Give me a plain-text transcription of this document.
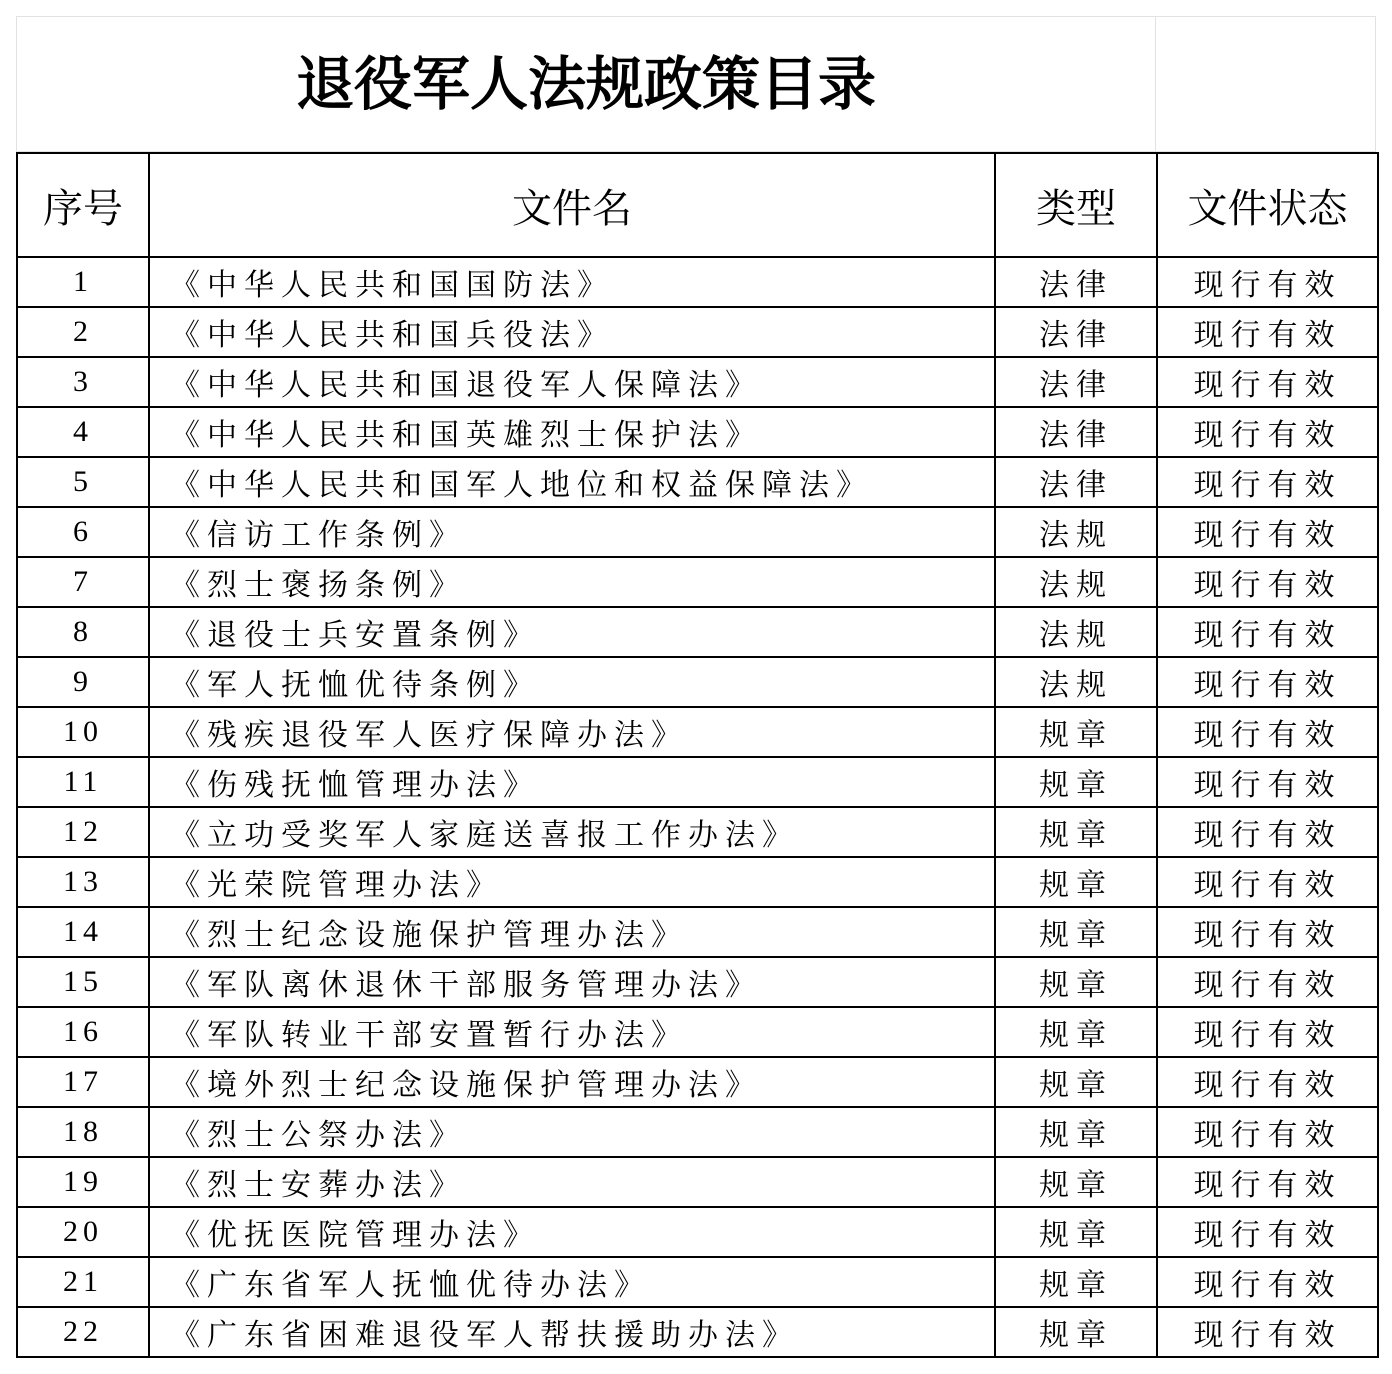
退役军人法规政策目录
序号	文件名	类型	文件状态
1	《中华人民共和国国防法》	法律	现行有效
2	《中华人民共和国兵役法》	法律	现行有效
3	《中华人民共和国退役军人保障法》	法律	现行有效
4	《中华人民共和国英雄烈士保护法》	法律	现行有效
5	《中华人民共和国军人地位和权益保障法》	法律	现行有效
6	《信访工作条例》	法规	现行有效
7	《烈士褒扬条例》	法规	现行有效
8	《退役士兵安置条例》	法规	现行有效
9	《军人抚恤优待条例》	法规	现行有效
10	《残疾退役军人医疗保障办法》	规章	现行有效
11	《伤残抚恤管理办法》	规章	现行有效
12	《立功受奖军人家庭送喜报工作办法》	规章	现行有效
13	《光荣院管理办法》	规章	现行有效
14	《烈士纪念设施保护管理办法》	规章	现行有效
15	《军队离休退休干部服务管理办法》	规章	现行有效
16	《军队转业干部安置暂行办法》	规章	现行有效
17	《境外烈士纪念设施保护管理办法》	规章	现行有效
18	《烈士公祭办法》	规章	现行有效
19	《烈士安葬办法》	规章	现行有效
20	《优抚医院管理办法》	规章	现行有效
21	《广东省军人抚恤优待办法》	规章	现行有效
22	《广东省困难退役军人帮扶援助办法》	规章	现行有效
